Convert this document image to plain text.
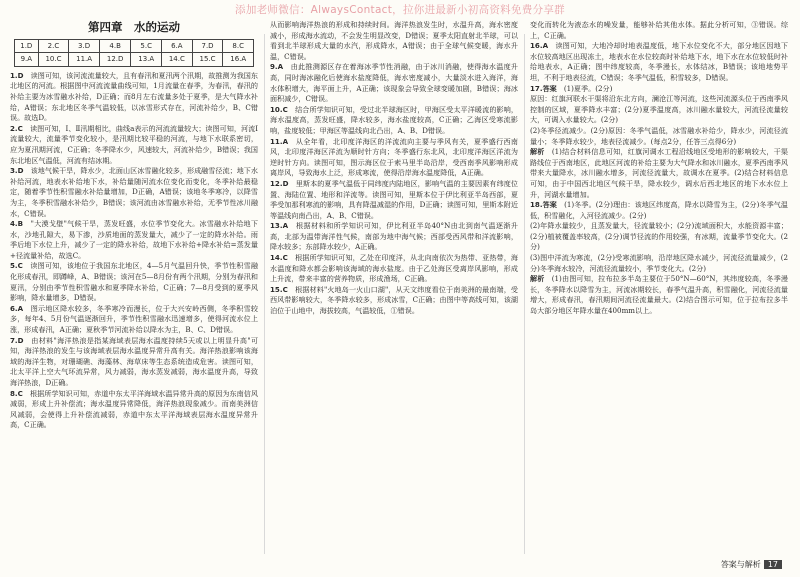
添加老师微信：AlwaysContact，拉你进最新小初高资料免费分享群
第四章　水的运动
1.D	2.C	3.D	4.B	5.C	6.A	7.D	8.C
9.A	10.C	11.A	12.D	13.A	14.C	15.C	16.A

1.D　 读图可知，该河流流量较大，且有春汛和夏汛两个汛期，故推测为我国东北地区的河流。根据图中河流流量曲线可知，1月流量在春季，为春汛，春汛的补给主要为冰雪融水补给，D正确；而8月左右流量多处于夏季，是大气降水补给，A错误；东北地区冬季气温较低，以冰雪形式存在，河流补给少，B、C错误。故选D。

2.C　 读图可知，Ⅰ、Ⅱ汛期相比，曲线a表示的河流流量较大；读图可知，河流Ⅰ流量较大，流量季节变化较小，是汛期比较平稳的河流，与地下水联系密切，应为夏汛期河流，C正确；冬季降水少，风速较大，河流补给少，B错误；我国东北地区气温低，河流有结冰期。

3.D　 该地气候干旱，降水少，北面山区冰雪融化较多，形成融雪径流；地下水补给河流，地表水补给地下水，补给量随河流水位变化而变化，冬季补给最稳定，随着季节性积雪融水补给量增加，D正确，A错误；该地冬季寒冷，以降雪为主，冬季积雪融水补给少，B错误；该河流由冰雪融水补给，无季节性冰川融水，C错误。

4.B　 "大漠戈壁"气候干旱，蒸发旺盛，水位季节变化大。冰雪融水补给地下水，沙地孔隙大，易下渗，沙质地面的蒸发量大，减少了一定的降水补给。雨季后地下水位上升，减少了一定的降水补给，故地下水补给+降水补给=蒸发量+径流量补给，故选C。

5.C　 读图可知，该地位于我国东北地区，4—5月气温回升快，季节性积雪融化形成春汛，即蹲峰，A、B错误；该河在5—8月份有两个汛期，分别为春汛和夏汛，分别由季节性积雪融水和夏季降水补给，C正确；7—8月受到的夏季风影响，降水量增多，D错误。

6.A　 图示地区降水较多，冬季寒冷而漫长，位于大兴安岭西侧，冬季积雪较多，每年4、5月份气温逐渐回升，季节性积雪融水迅速增多，使得河流水位上涨，形成春汛，A正确；夏秋季节河流补给以降水为主，B、C、D错误。

7.D　 由材料"海洋热浪是指某海域表层海水温度持续5天或以上明显升高"可知，海洋热浪的发生与该海域表层海水温度异常升高有关。海洋热浪影响该海域的海洋生物，对珊瑚礁、海藻林、海草床等生态系统造成危害。读图可知，北太平洋上空大气环流异常，风力减弱，海水蒸发减弱，海水温度升高，导致海洋热浪，D正确。

8.C　 根据所学知识可知，赤道中东太平洋海域水温异常升高的原因为东南信风减弱，形成上升补偿流；海水温度异常降低，海洋热浪现象减少。而南美洲信风减弱，会使得上升补偿流减弱，赤道中东太平洋海域表层海水温度异常升高，C正确。

从而影响海洋热浪的形成和持续时间。海洋热浪发生时，水温升高，海水密度减小，形成海水流动，不会发生明显改变，D错误；夏季太阳直射北半球，可以看到北半球形成大量的水汽，形成降水，A错误；由于全球气候变暖，海水升温，C错误。

9.A　 由此推测源区存在着海冰季节性消融，由于冰川消融，使得海水温度升高，同时海冰融化后使海水盐度降低，海水密度减小，大量淡水进入海洋，海水体积增大，海平面上升，A正确；该现象会导致全球变暖加剧，B错误；海冰面积减少，C错误。

10.C　 结合所学知识可知，受过北半球海区时，甲海区受太平洋暖流的影响，海水温度高，蒸发旺盛，降水较多，海水盐度较高，C正确；乙海区受寒流影响，盐度较低；甲海区等温线向北凸出，A、B、D错误。

11.A　 从全年看，北印度洋海区的洋流流向主要与季风有关，夏季盛行西南风，北印度洋海区洋流为顺时针方向；冬季盛行东北风，北印度洋海区洋流为逆时针方向。读图可知，图示海区位于索马里半岛沿岸，受西南季风影响形成离岸风，导致海水上泛，形成寒流，使得沿岸海水温度降低，A正确。

12.D　 里斯本的夏季气温低于同纬度内陆地区，影响气温的主要因素有纬度位置、海陆位置、地形和洋流等。读图可知，里斯本位于伊比利亚半岛西部，夏季受加那利寒流的影响，具有降温减湿的作用，D正确；读图可知，里斯本附近等温线向南凸出，A、B、C错误。

13.A　 根据材料和所学知识可知，伊比利亚半岛40°N由北到南气温逐渐升高，北部为温带海洋性气候，南部为地中海气候；西部受西风带和洋流影响，降水较多；东部降水较少，A正确。

14.C　 根据所学知识可知，乙处在印度洋，从北向南依次为热带、亚热带，海水温度和降水都会影响该海域的海水盐度。由于乙处海区受离岸风影响，形成上升流，带来丰富的营养物质，形成渔场，C正确。

15.C　 根据材料"火地岛一火山口湖"，从天文纬度看位于南美洲的最南端，受西风带影响较大，冬季降水较多，形成冰雪，C正确；由图中等高线可知，该湖泊位于山地中，海拔较高，气温较低，①错误。

变化而转化为液态水的噪发量，能够补给其他水体。据此分析可知，③错误。综上，C正确。

16.A　 读图可知，大地冷却时地表温度低，地下水位变化不大，部分地区因地下水位较高地区出现冻土，地表水在水位较高时补给地下水，地下水在水位较低时补给地表水，A正确；图中纬度较高，冬季漫长，水体结冰，B错误；该地地势平坦，不利于地表径流，C错误；冬季气温低，积雪较多，D错误。

17.答案　 (1)夏季。(2分)
原因：红旗河联水干渠将沿东北方向，澜沧江等河流，这些河流源头位于西南季风控制的区域，夏季降水丰富；(2分)夏季温度高，冰川融水量较大，河流径流量较大，可调入水量较大。(2分)
(2)冬季径流减少。(2分)原因：冬季气温低，冰雪融水补给少，降水少，河流径流量小；冬季降水较少，地表径流减少。(每点2分，任答三点得6分)

解析　 (1)结合材料信息可知，红旗河调水工程沿线地区受地形的影响较大，干渠路线位于西南地区，此地区河流的补给主要为大气降水和冰川融水，夏季西南季风带来大量降水，冰川融水增多，河流径流量大，故调水在夏季。(2)结合材料信息可知，由于中国西北地区气候干旱，降水较少，调水后西北地区的地下水水位上升，河湖水量增加。

18.答案　 (1)冬季。(2分)理由：该地区纬度高，降水以降雪为主，(2分)冬季气温低，积雪融化，入河径流减少。(2分)
(2)年降水量较少，且蒸发量大，径流量较小；(2分)流域面积大，水能资源丰富；(2分)植被覆盖率较高，(2分)调节径流的作用较强，有冰期，流量季节变化大。(2分)
(3)图中洋流为寒流，(2分)受寒流影响，沿岸地区降水减少，河流径流量减少，(2分)冬季海水较冷，河流径流量较小，季节变化大。(2分)

解析　 (1)由图可知，拉布拉多半岛主要位于50°N—60°N，其纬度较高，冬季漫长，冬季降水以降雪为主，河流冰期较长，春季气温升高，积雪融化，河流径流量增大，形成春汛，春汛期间河流径流量最大。(2)结合图示可知，位于拉布拉多半岛大部分地区年降水量在400mm以上。

答案与解析 17
